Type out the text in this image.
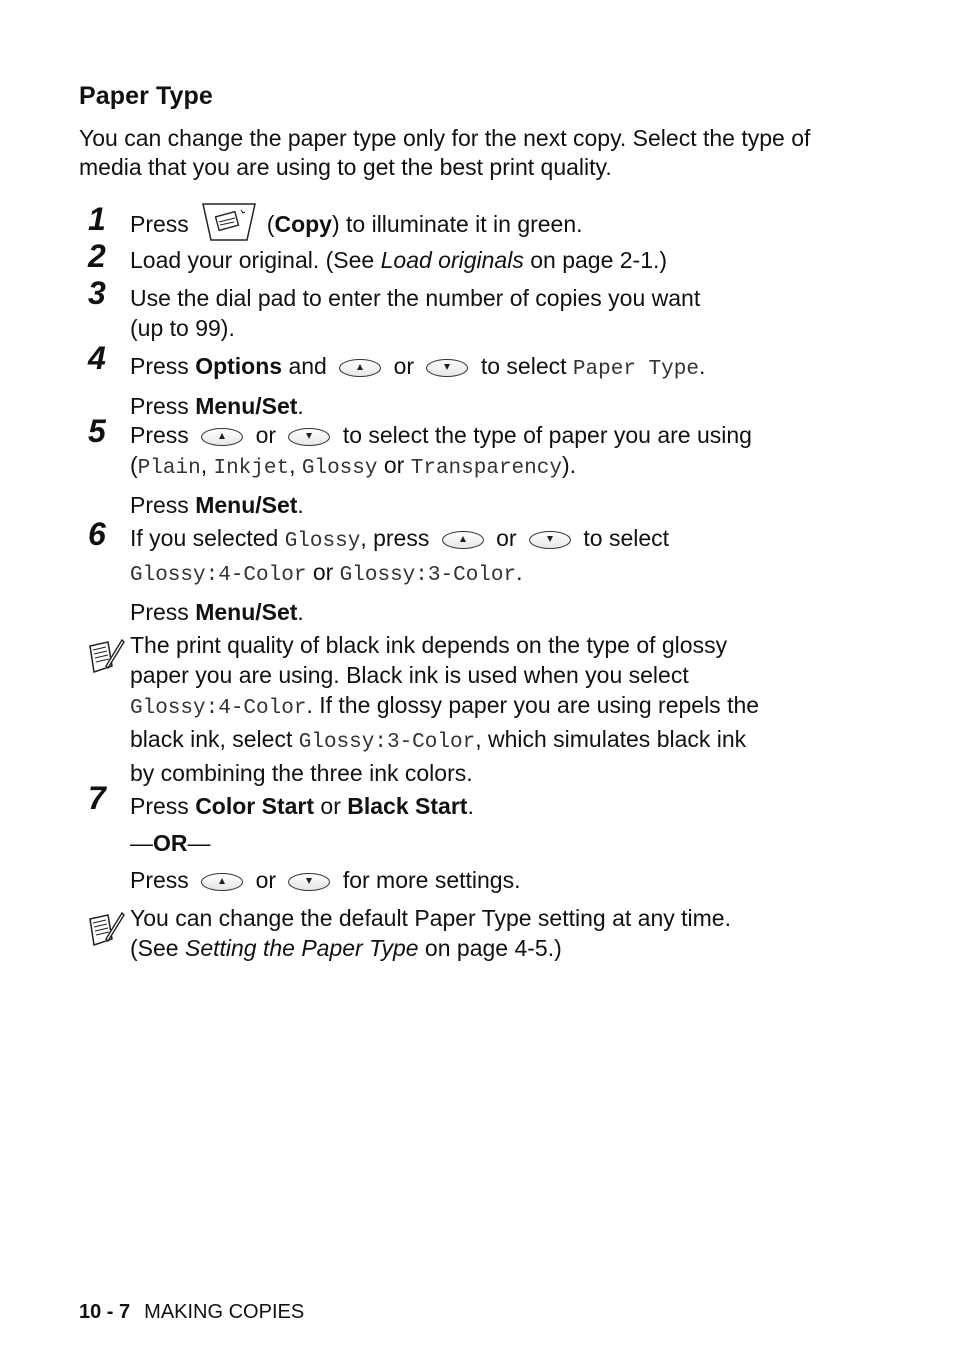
Paper Type

You can change the paper type only for the next copy. Select the type of media that you are using to get the best print quality.

1 Press	(Copy) to illuminate it in green.
2 Load your original. (See Load originals on page 2-1.)
3 Use the dial pad to enter the number of copies you want
(up to 99).
4 Press Options and	or	to select Paper Type.
Press Menu/Set.
5 Press	or	to select the type of paper you are using
(Plain, Inkjet, Glossy or Transparency).
Press Menu/Set.
6 If you selected Glossy, press	or	to select
Glossy:4-Color or Glossy:3-Color.
Press Menu/Set.
The print quality of black ink depends on the type of glossy
paper you are using. Black ink is used when you select
Glossy:4-Color. If the glossy paper you are using repels the
black ink, select Glossy:3-Color, which simulates black ink
by combining the three ink colors.
7 Press Color Start or Black Start.
—OR—
Press	or	for more settings.
You can change the default Paper Type setting at any time.
(See Setting the Paper Type on page 4-5.)
10 - 7 MAKING COPIES
